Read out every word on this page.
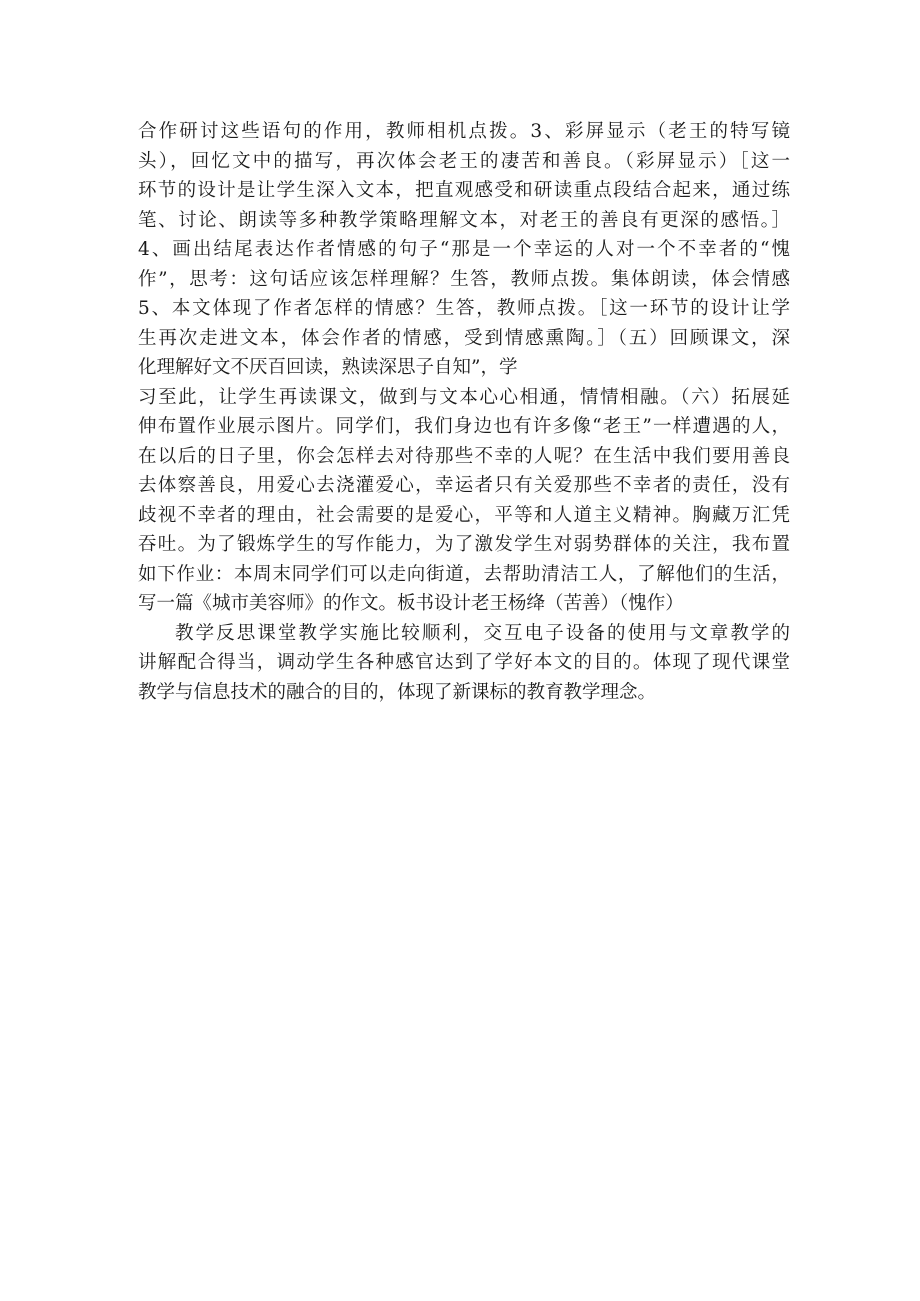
合作研讨这些语句的作用，教师相机点拨。3、彩屏显示（老王的特写镜
头），回忆文中的描写，再次体会老王的凄苦和善良。（彩屏显示）［这一
环节的设计是让学生深入文本，把直观感受和研读重点段结合起来，通过练
笔、讨论、朗读等多种教学策略理解文本，对老王的善良有更深的感悟。］
4、画出结尾表达作者情感的句子“那是一个幸运的人对一个不幸者的“愧
作”，思考：这句话应该怎样理解？生答，教师点拨。集体朗读，体会情感
5、本文体现了作者怎样的情感？生答，教师点拨。［这一环节的设计让学
生再次走进文本，体会作者的情感，受到情感熏陶。］（五）回顾课文，深
化理解好文不厌百回读，熟读深思子自知”，学
习至此，让学生再读课文，做到与文本心心相通，情情相融。（六）拓展延
伸布置作业展示图片。同学们，我们身边也有许多像“老王”一样遭遇的人，
在以后的日子里，你会怎样去对待那些不幸的人呢？在生活中我们要用善良
去体察善良，用爱心去浇灌爱心，幸运者只有关爱那些不幸者的责任，没有
歧视不幸者的理由，社会需要的是爱心，平等和人道主义精神。胸藏万汇凭
吞吐。为了锻炼学生的写作能力，为了激发学生对弱势群体的关注，我布置
如下作业：本周末同学们可以走向街道，去帮助清洁工人，了解他们的生活，
写一篇《城市美容师》的作文。板书设计老王杨绛（苦善）（愧作）
教学反思课堂教学实施比较顺利，交互电子设备的使用与文章教学的
讲解配合得当，调动学生各种感官达到了学好本文的目的。体现了现代课堂
教学与信息技术的融合的目的，体现了新课标的教育教学理念。
